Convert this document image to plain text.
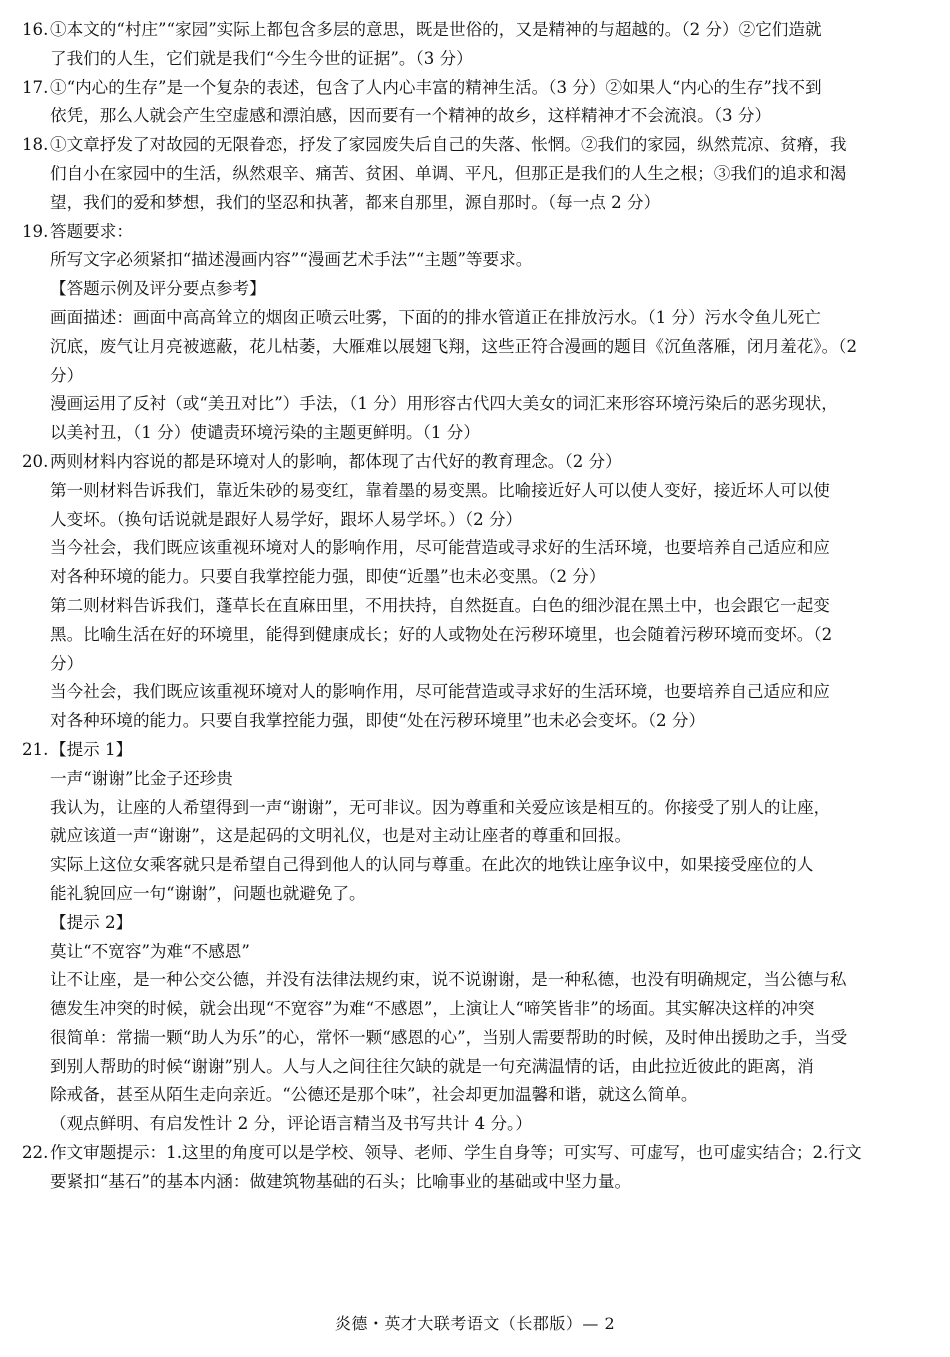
16. ①本文的“村庄”“家园”实际上都包含多层的意思，既是世俗的，又是精神的与超越的。（2 分）②它们造就
了我们的人生，它们就是我们“今生今世的证据”。（3 分）
17. ①“内心的生存”是一个复杂的表述，包含了人内心丰富的精神生活。（3 分）②如果人“内心的生存”找不到
依凭，那么人就会产生空虚感和漂泊感，因而要有一个精神的故乡，这样精神才不会流浪。（3 分）
18. ①文章抒发了对故园的无限眷恋，抒发了家园废失后自己的失落、怅惘。②我们的家园，纵然荒凉、贫瘠，我
们自小在家园中的生活，纵然艰辛、痛苦、贫困、单调、平凡，但那正是我们的人生之根；③我们的追求和渴
望，我们的爱和梦想，我们的坚忍和执著，都来自那里，源自那时。（每一点 2 分）
19. 答题要求：
所写文字必须紧扣“描述漫画内容”“漫画艺术手法”“主题”等要求。
【答题示例及评分要点参考】
画面描述：画面中高高耸立的烟囱正喷云吐雾，下面的的排水管道正在排放污水。（1 分）污水令鱼儿死亡
沉底，废气让月亮被遮蔽，花儿枯萎，大雁难以展翅飞翔，这些正符合漫画的题目《沉鱼落雁，闭月羞花》。（2
分）
漫画运用了反衬（或“美丑对比”）手法，（1 分）用形容古代四大美女的词汇来形容环境污染后的恶劣现状，
以美衬丑，（1 分）使谴责环境污染的主题更鲜明。（1 分）
20. 两则材料内容说的都是环境对人的影响，都体现了古代好的教育理念。（2 分）
第一则材料告诉我们，靠近朱砂的易变红，靠着墨的易变黑。比喻接近好人可以使人变好，接近坏人可以使
人变坏。（换句话说就是跟好人易学好，跟坏人易学坏。）（2 分）
当今社会，我们既应该重视环境对人的影响作用，尽可能营造或寻求好的生活环境，也要培养自己适应和应
对各种环境的能力。只要自我掌控能力强，即使“近墨”也未必变黑。（2 分）
第二则材料告诉我们，蓬草长在直麻田里，不用扶持，自然挺直。白色的细沙混在黑土中，也会跟它一起变
黑。比喻生活在好的环境里，能得到健康成长；好的人或物处在污秽环境里，也会随着污秽环境而变坏。（2
分）
当今社会，我们既应该重视环境对人的影响作用，尽可能营造或寻求好的生活环境，也要培养自己适应和应
对各种环境的能力。只要自我掌控能力强，即使“处在污秽环境里”也未必会变坏。（2 分）
21. 【提示 1】
一声“谢谢”比金子还珍贵
我认为，让座的人希望得到一声“谢谢”，无可非议。因为尊重和关爱应该是相互的。你接受了别人的让座，
就应该道一声“谢谢”，这是起码的文明礼仪，也是对主动让座者的尊重和回报。
实际上这位女乘客就只是希望自己得到他人的认同与尊重。在此次的地铁让座争议中，如果接受座位的人
能礼貌回应一句“谢谢”，问题也就避免了。
【提示 2】
莫让“不宽容”为难“不感恩”
让不让座，是一种公交公德，并没有法律法规约束，说不说谢谢，是一种私德，也没有明确规定，当公德与私
德发生冲突的时候，就会出现“不宽容”为难“不感恩”，上演让人“啼笑皆非”的场面。其实解决这样的冲突
很简单：常揣一颗“助人为乐”的心，常怀一颗“感恩的心”，当别人需要帮助的时候，及时伸出援助之手，当受
到别人帮助的时候“谢谢”别人。人与人之间往往欠缺的就是一句充满温情的话，由此拉近彼此的距离，消
除戒备，甚至从陌生走向亲近。“公德还是那个味”，社会却更加温馨和谐，就这么简单。
（观点鲜明、有启发性计 2 分，评论语言精当及书写共计 4 分。）
22. 作文审题提示：1.这里的角度可以是学校、领导、老师、学生自身等；可实写、可虚写，也可虚实结合；2.行文
要紧扣“基石”的基本内涵：做建筑物基础的石头；比喻事业的基础或中坚力量。
炎德・英才大联考语文（长郡版）— 2
